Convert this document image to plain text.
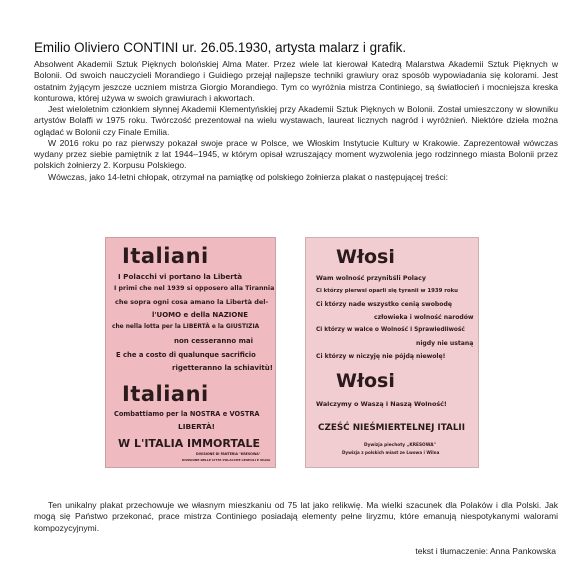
Emilio Oliviero CONTINI ur. 26.05.1930, artysta malarz i grafik.

Absolwent Akademii Sztuk Pięknych bolońskiej Alma Mater. Przez wiele lat kierował Katedrą Malarstwa Akademii Sztuk Pięknych w Bolonii. Od swoich nauczycieli Morandiego i Guidiego przejął najlepsze techniki grawiury oraz sposób wypowiadania się kolorami. Jest ostatnim żyjącym jeszcze uczniem mistrza Giorgio Morandiego. Tym co wyróżnia mistrza Continiego, są światłocień i mocniejsza kreska konturowa, której używa w swoich grawiurach i akwortach.

Jest wieloletnim członkiem słynnej Akademii Klementyńskiej przy Akademii Sztuk Pięknych w Bolonii. Został umieszczony w słowniku artystów Bolaffi w 1975 roku. Twórczość prezentował na wielu wystawach, laureat licznych nagród i wyróżnień. Niektóre dzieła można oglądać w Bolonii czy Finale Emilia.

W 2016 roku po raz pierwszy pokazał swoje prace w Polsce, we Włoskim Instytucie Kultury w Krakowie. Zaprezentował wówczas wydany przez siebie pamiętnik z lat 1944–1945, w którym opisał wzruszający moment wyzwolenia jego rodzinnego miasta Bolonii przez polskich żołnierzy 2. Korpusu Polskiego.

Wówczas, jako 14-letni chłopak, otrzymał na pamiątkę od polskiego żołnierza plakat o następującej treści:

Italiani
I Polacchi vi portano la Libertà
I primi che nel 1939 si opposero alla Tirannia
che sopra ogni cosa amano la Libertà del-
l'UOMO e della NAZIONE
che nella lotta per la LIBERTÀ e la GIUSTIZIA
non cesseranno mai
E che a costo di qualunque sacrificio
rigetteranno la schiavitù!
Italiani
Combattiamo per la NOSTRA e VOSTRA
LIBERTÀ!
W L'ITALIA IMMORTALE
DIVISIONE DI FANTERIA "KRESOWA"
DIVISIONE DELLE CITTÀ POLACCHE LEOPOLI E VILNA
Włosi
Wam wolność przyniեśli Polacy
Ci którzy pierwsi oparli się tyranii w 1939 roku
Ci którzy nade wszystko cenią swobodę
człowieka i wolność narodów
Ci którzy w walce o Wolność i Sprawiedliwość
nigdy nie ustaną
Ci którzy w niczyję nie pójdą niewolę!
Włosi
Walczymy o Waszą i Naszą Wolność!
CZEŚĆ NIEŚMIERTELNEJ ITALII
Dywizja piechoty „KRESOWA"
Dywizja z polskich miast ze Lwowa i Wilna

Ten unikalny plakat przechowuje we własnym mieszkaniu od 75 lat jako relikwię. Ma wielki szacunek dla Polaków i dla Polski. Jak mogą się Państwo przekonać, prace mistrza Continiego posiadają elementy pełne liryzmu, które emanują niespotykanymi walorami kompozycyjnymi.

tekst i tłumaczenie: Anna Pankowska
